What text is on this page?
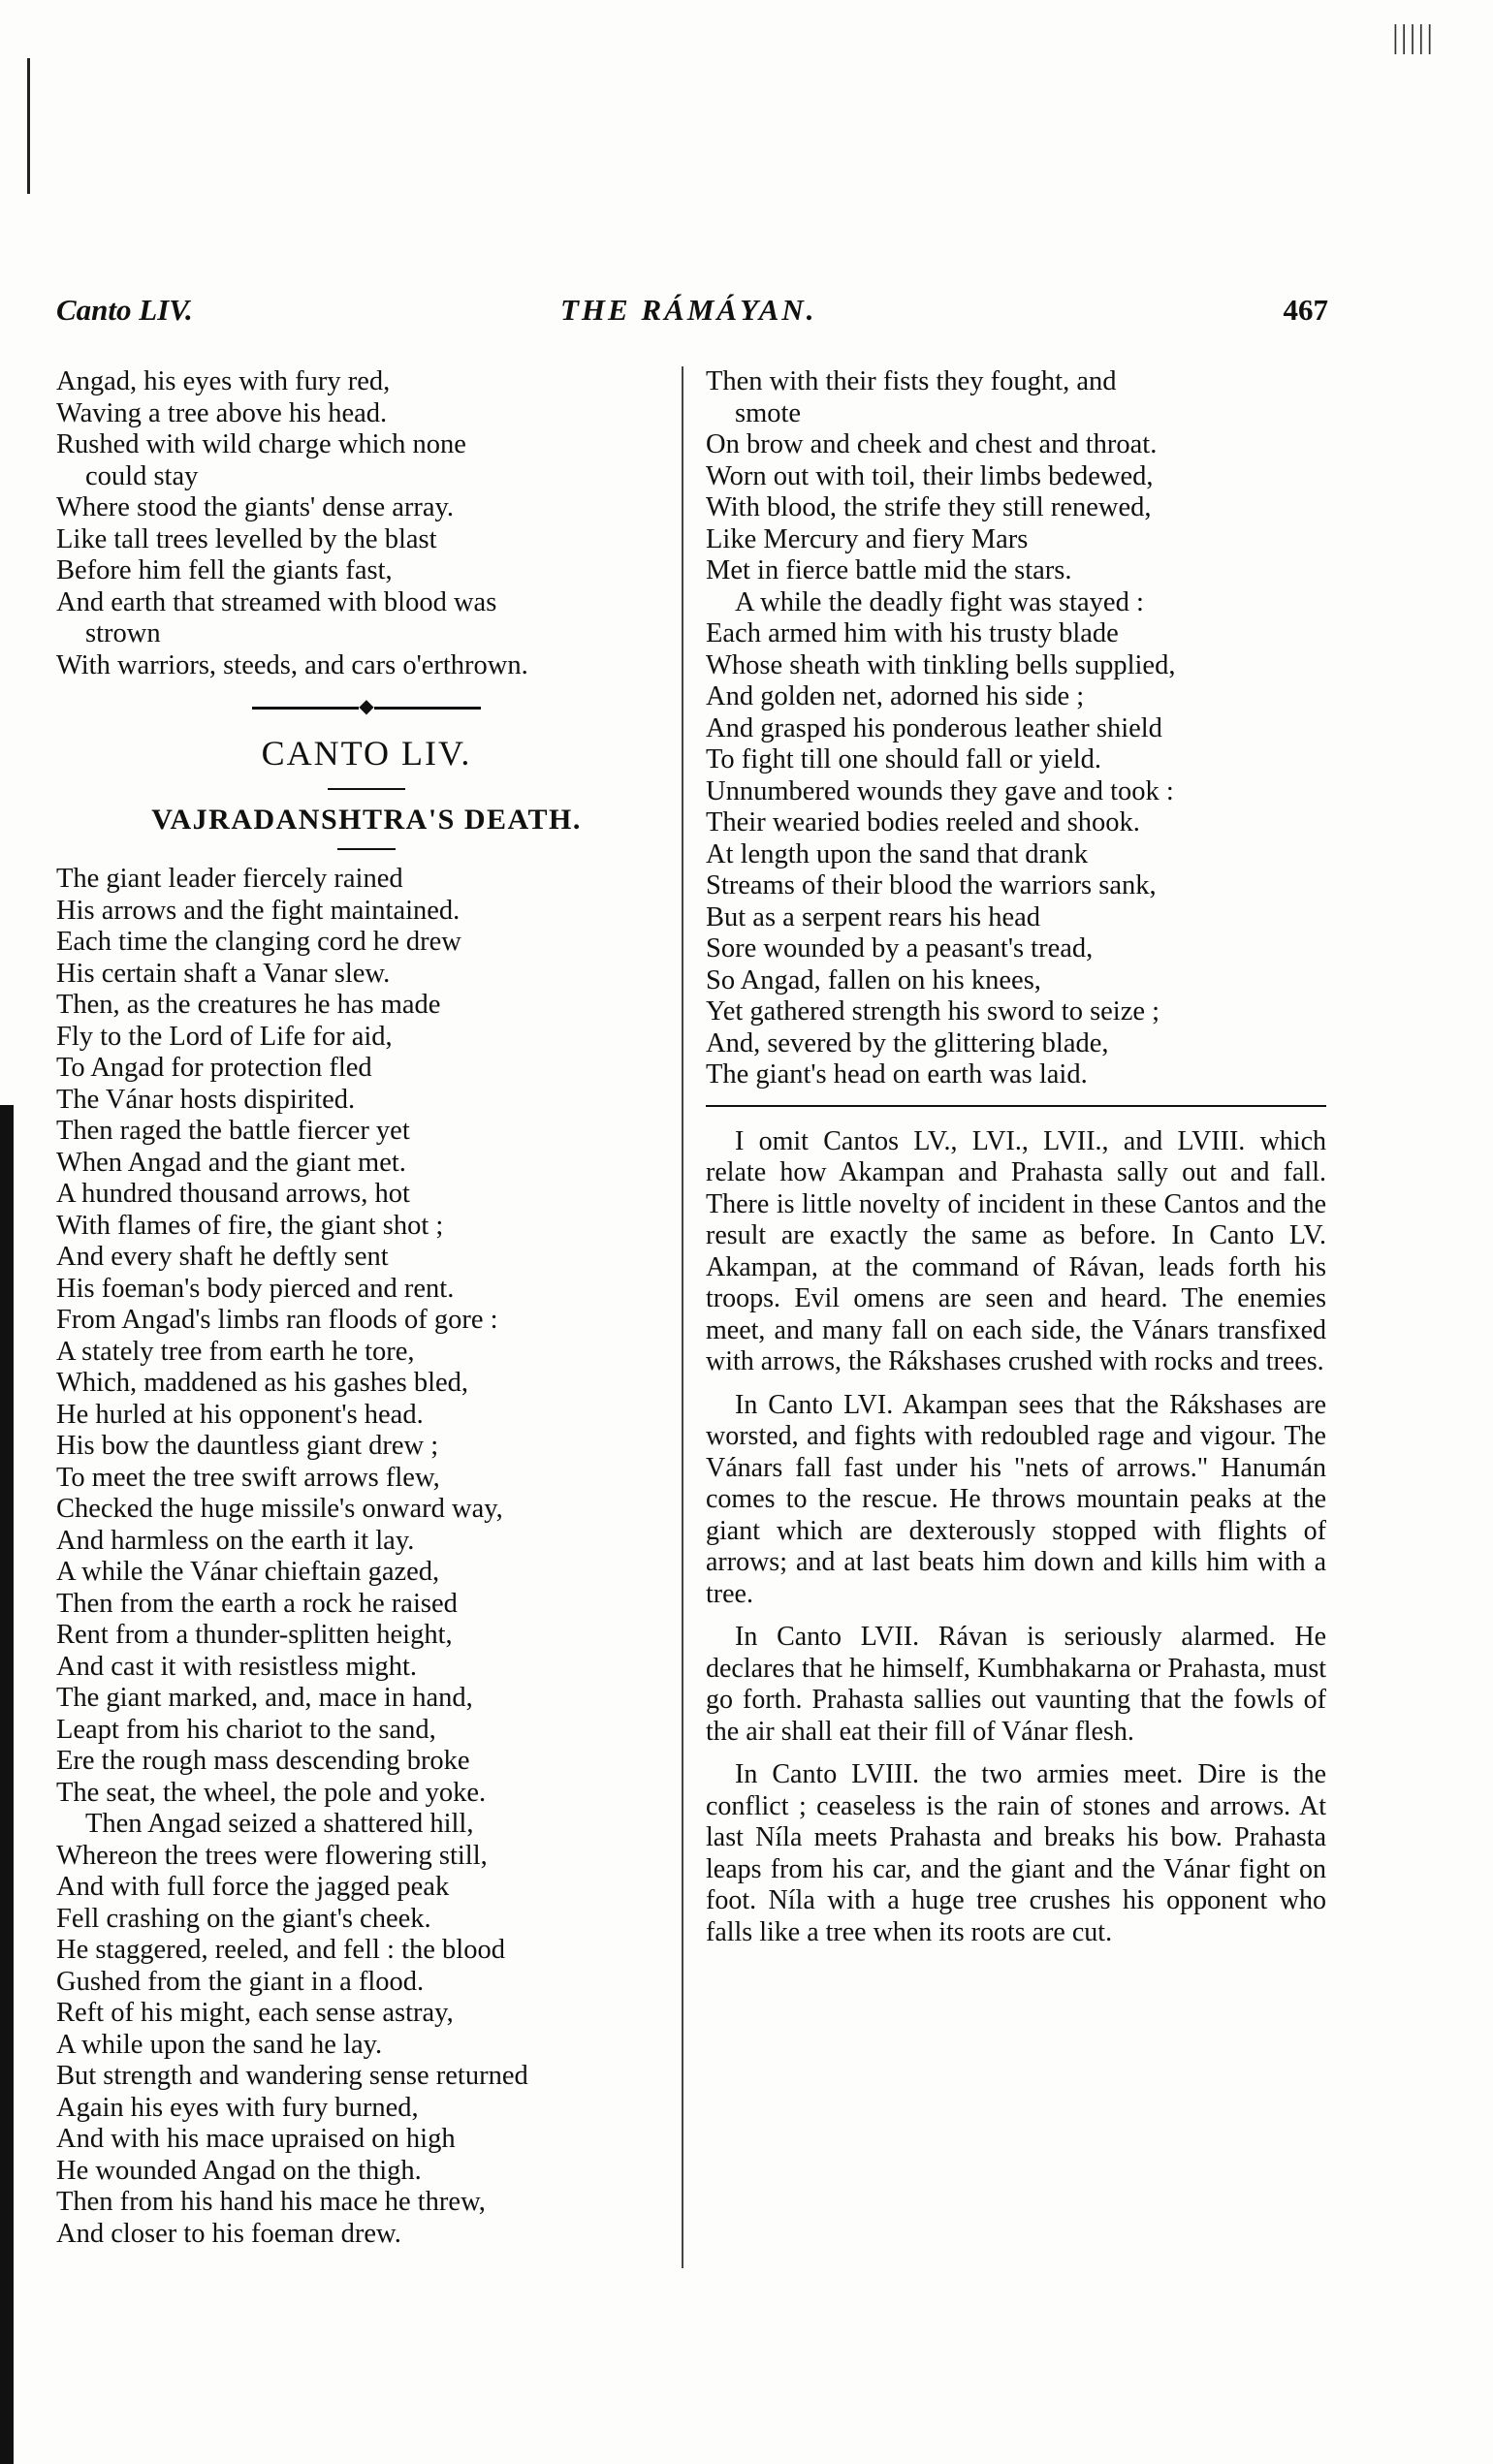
|||||
Canto LIV.	THE RÁMÁYAN.	467
Angad, his eyes with fury red,
Waving a tree above his head.
Rushed with wild charge which none
could stay
Where stood the giants' dense array.
Like tall trees levelled by the blast
Before him fell the giants fast,
And earth that streamed with blood was
strown
With warriors, steeds, and cars o'erthrown.
◆
CANTO LIV.
VAJRADANSHTRA'S DEATH.
The giant leader fiercely rained
His arrows and the fight maintained.
Each time the clanging cord he drew
His certain shaft a Vanar slew.
Then, as the creatures he has made
Fly to the Lord of Life for aid,
To Angad for protection fled
The Vánar hosts dispirited.
Then raged the battle fiercer yet
When Angad and the giant met.
A hundred thousand arrows, hot
With flames of fire, the giant shot ;
And every shaft he deftly sent
His foeman's body pierced and rent.
From Angad's limbs ran floods of gore :
A stately tree from earth he tore,
Which, maddened as his gashes bled,
He hurled at his opponent's head.
His bow the dauntless giant drew ;
To meet the tree swift arrows flew,
Checked the huge missile's onward way,
And harmless on the earth it lay.
A while the Vánar chieftain gazed,
Then from the earth a rock he raised
Rent from a thunder-splitten height,
And cast it with resistless might.
The giant marked, and, mace in hand,
Leapt from his chariot to the sand,
Ere the rough mass descending broke
The seat, the wheel, the pole and yoke.
Then Angad seized a shattered hill,
Whereon the trees were flowering still,
And with full force the jagged peak
Fell crashing on the giant's cheek.
He staggered, reeled, and fell : the blood
Gushed from the giant in a flood.
Reft of his might, each sense astray,
A while upon the sand he lay.
But strength and wandering sense returned
Again his eyes with fury burned,
And with his mace upraised on high
He wounded Angad on the thigh.
Then from his hand his mace he threw,
And closer to his foeman drew.
Then with their fists they fought, and
smote
On brow and cheek and chest and throat.
Worn out with toil, their limbs bedewed,
With blood, the strife they still renewed,
Like Mercury and fiery Mars
Met in fierce battle mid the stars.
A while the deadly fight was stayed :
Each armed him with his trusty blade
Whose sheath with tinkling bells supplied,
And golden net, adorned his side ;
And grasped his ponderous leather shield
To fight till one should fall or yield.
Unnumbered wounds they gave and took :
Their wearied bodies reeled and shook.
At length upon the sand that drank
Streams of their blood the warriors sank,
But as a serpent rears his head
Sore wounded by a peasant's tread,
So Angad, fallen on his knees,
Yet gathered strength his sword to seize ;
And, severed by the glittering blade,
The giant's head on earth was laid.

I omit Cantos LV., LVI., LVII., and LVIII. which relate how Akampan and Prahasta sally out and fall. There is little novelty of incident in these Cantos and the result are exactly the same as before. In Canto LV. Akampan, at the command of Rávan, leads forth his troops. Evil omens are seen and heard. The enemies meet, and many fall on each side, the Vánars transfixed with arrows, the Rákshases crushed with rocks and trees.

In Canto LVI. Akampan sees that the Rákshases are worsted, and fights with redoubled rage and vigour. The Vánars fall fast under his "nets of arrows." Hanumán comes to the rescue. He throws mountain peaks at the giant which are dexterously stopped with flights of arrows; and at last beats him down and kills him with a tree.

In Canto LVII. Rávan is seriously alarmed. He declares that he himself, Kumbhakarna or Prahasta, must go forth. Prahasta sallies out vaunting that the fowls of the air shall eat their fill of Vánar flesh.

In Canto LVIII. the two armies meet. Dire is the conflict ; ceaseless is the rain of stones and arrows. At last Níla meets Prahasta and breaks his bow. Prahasta leaps from his car, and the giant and the Vánar fight on foot. Níla with a huge tree crushes his opponent who falls like a tree when its roots are cut.
